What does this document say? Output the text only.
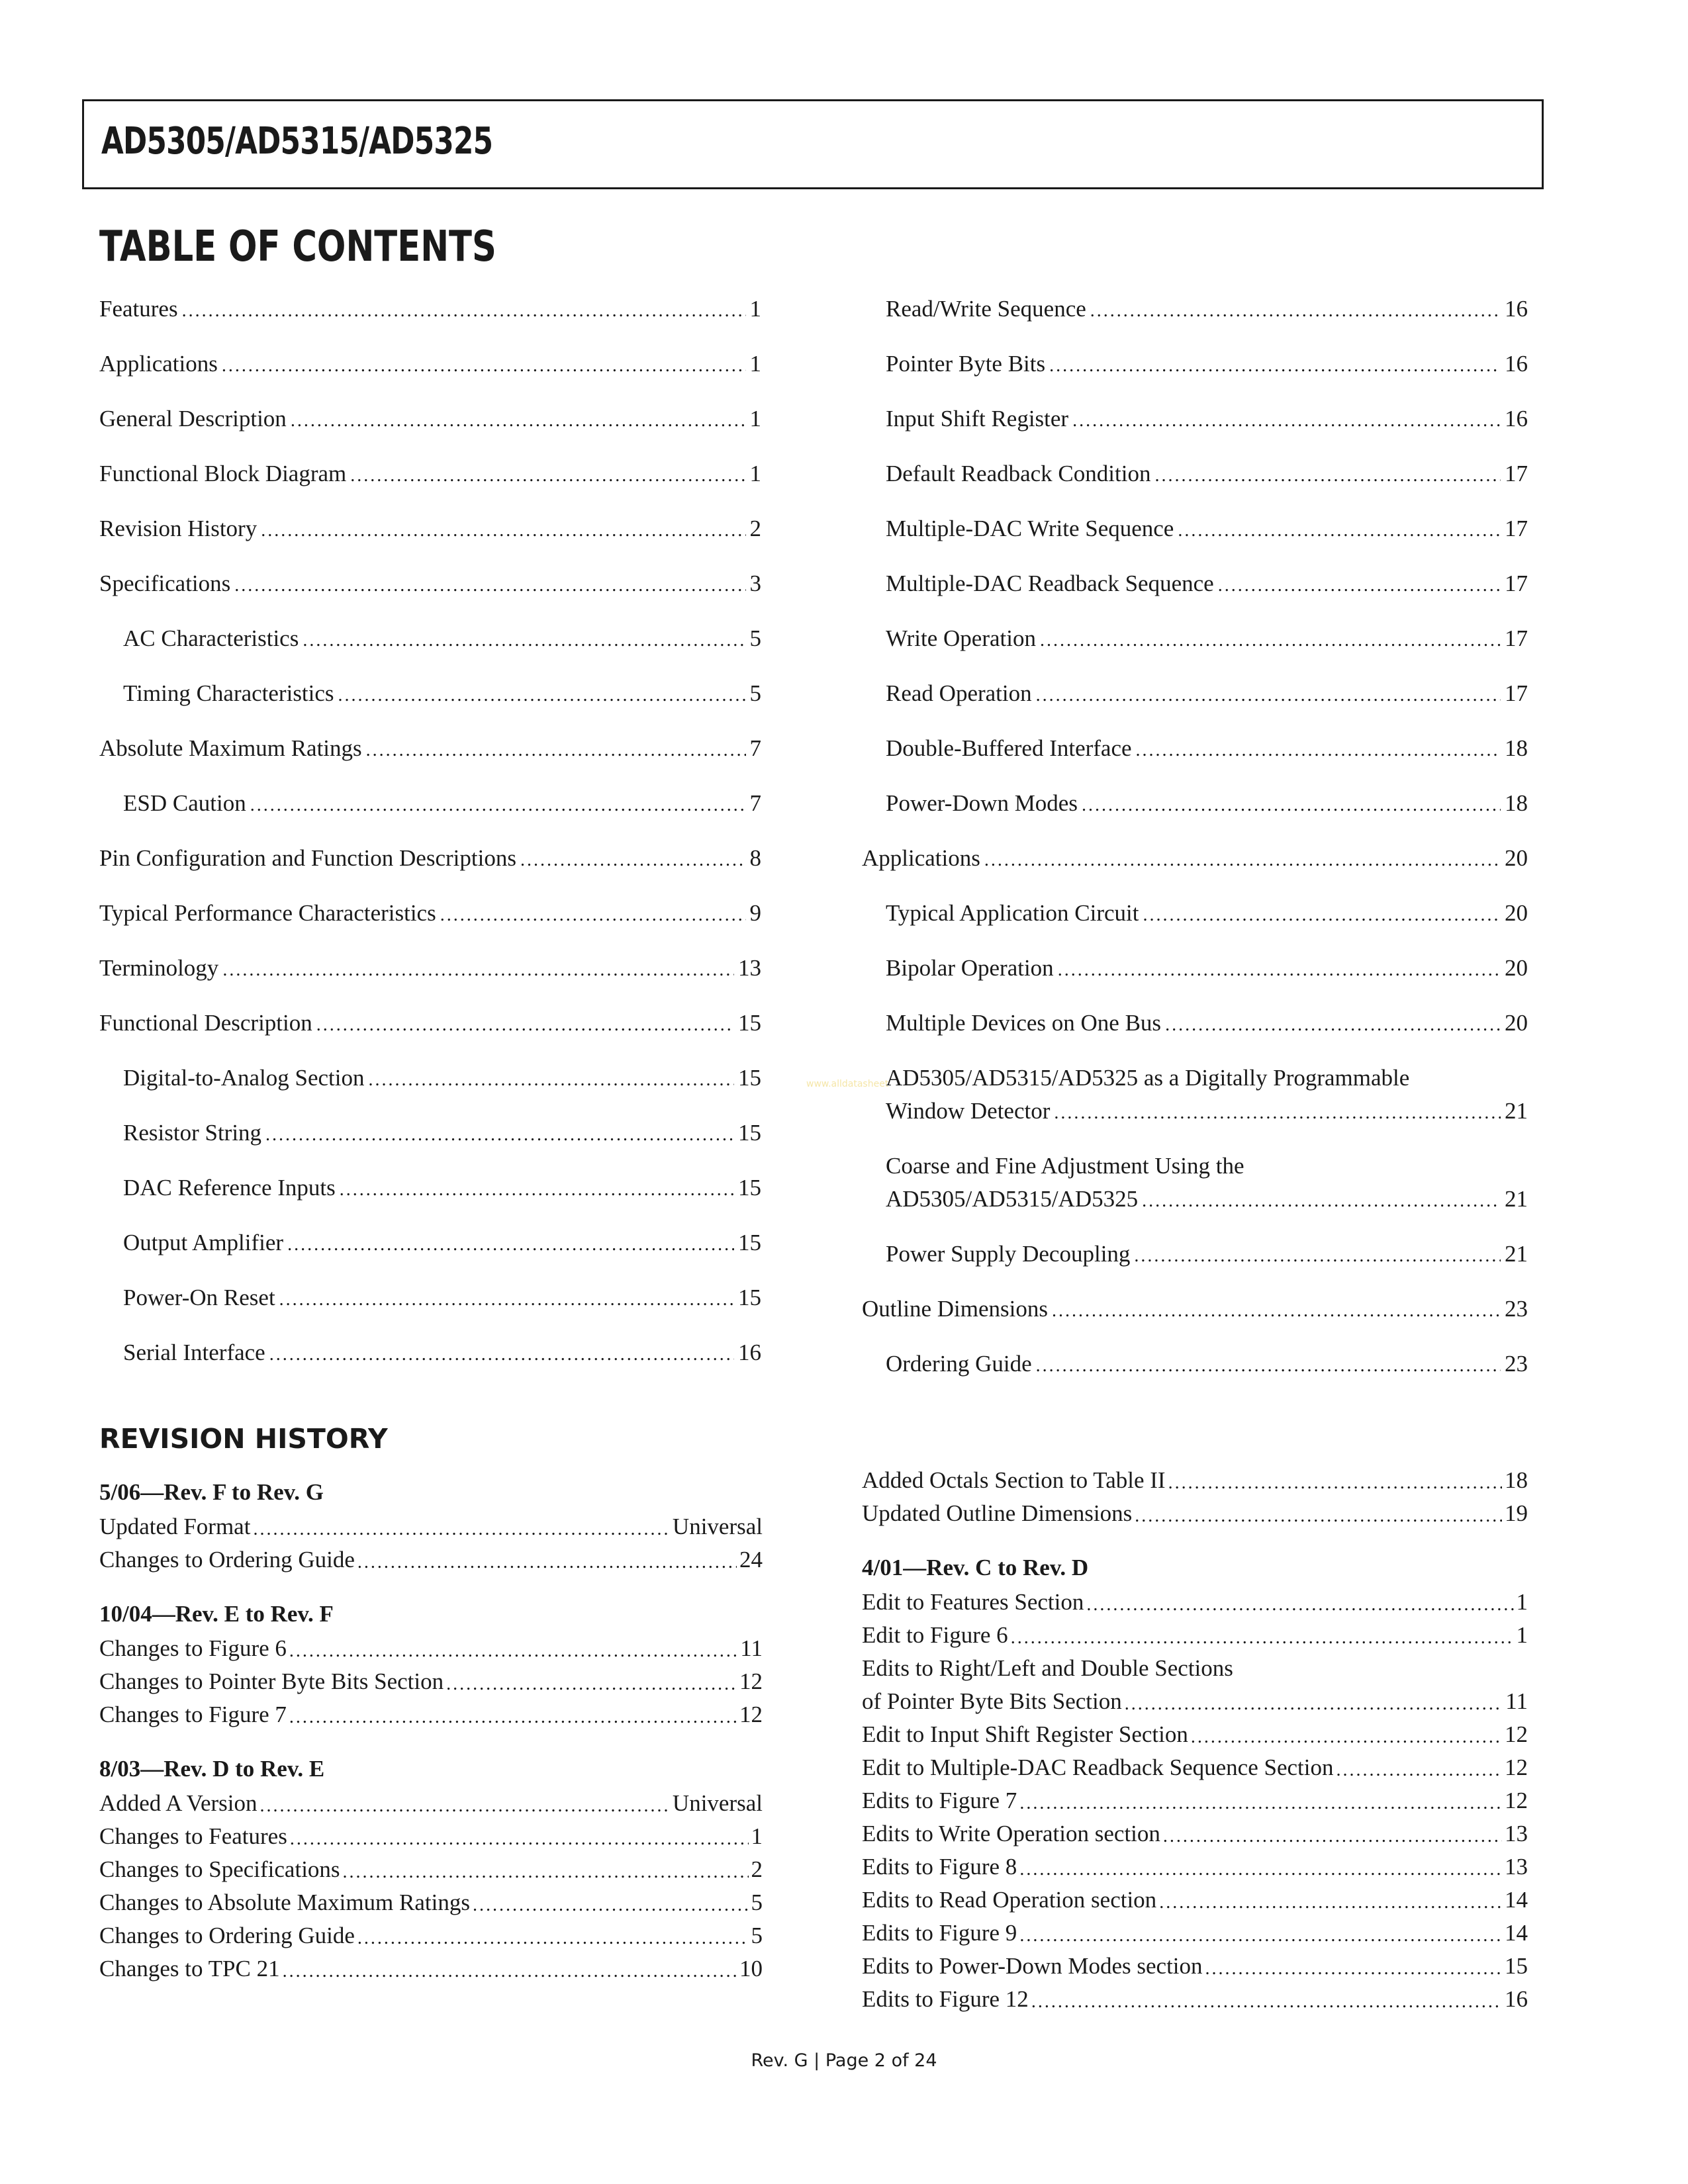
AD5305/AD5315/AD5325
TABLE OF CONTENTS
Features .....	1
Applications .....	1
General Description .....	1
Functional Block Diagram .....	1
Revision History .....	2
Specifications .....	3
AC Characteristics .....	5
Timing Characteristics .....	5
Absolute Maximum Ratings .....	7
ESD Caution .....	7
Pin Configuration and Function Descriptions .....	8
Typical Performance Characteristics .....	9
Terminology .....	13
Functional Description .....	15
Digital-to-Analog Section .....	15
Resistor String .....	15
DAC Reference Inputs .....	15
Output Amplifier .....	15
Power-On Reset .....	15
Serial Interface .....	16
Read/Write Sequence .....	16
Pointer Byte Bits .....	16
Input Shift Register .....	16
Default Readback Condition .....	17
Multiple-DAC Write Sequence .....	17
Multiple-DAC Readback Sequence .....	17
Write Operation .....	17
Read Operation .....	17
Double-Buffered Interface .....	18
Power-Down Modes .....	18
Applications .....	20
Typical Application Circuit .....	20
Bipolar Operation .....	20
Multiple Devices on One Bus .....	20
AD5305/AD5315/AD5325 as a Digitally Programmable
Window Detector .....	21
Coarse and Fine Adjustment Using the
AD5305/AD5315/AD5325 .....	21
Power Supply Decoupling .....	21
Outline Dimensions .....	23
Ordering Guide .....	23
REVISION HISTORY
5/06—Rev. F to Rev. G
Updated Format .....	Universal
Changes to Ordering Guide .....	24
10/04—Rev. E to Rev. F
Changes to Figure 6 .....	11
Changes to Pointer Byte Bits Section .....	12
Changes to Figure 7 .....	12
8/03—Rev. D to Rev. E
Added A Version .....	Universal
Changes to Features .....	1
Changes to Specifications .....	2
Changes to Absolute Maximum Ratings .....	5
Changes to Ordering Guide .....	5
Changes to TPC 21 .....	10
Added Octals Section to Table II .....	18
Updated Outline Dimensions .....	19
4/01—Rev. C to Rev. D
Edit to Features Section .....	1
Edit to Figure 6 .....	1
Edits to Right/Left and Double Sections
of Pointer Byte Bits Section .....	11
Edit to Input Shift Register Section .....	12
Edit to Multiple-DAC Readback Sequence Section .....	12
Edits to Figure 7 .....	12
Edits to Write Operation section .....	13
Edits to Figure 8 .....	13
Edits to Read Operation section .....	14
Edits to Figure 9 .....	14
Edits to Power-Down Modes section .....	15
Edits to Figure 12 .....	16
www.alldatasheet
Rev. G | Page 2 of 24
